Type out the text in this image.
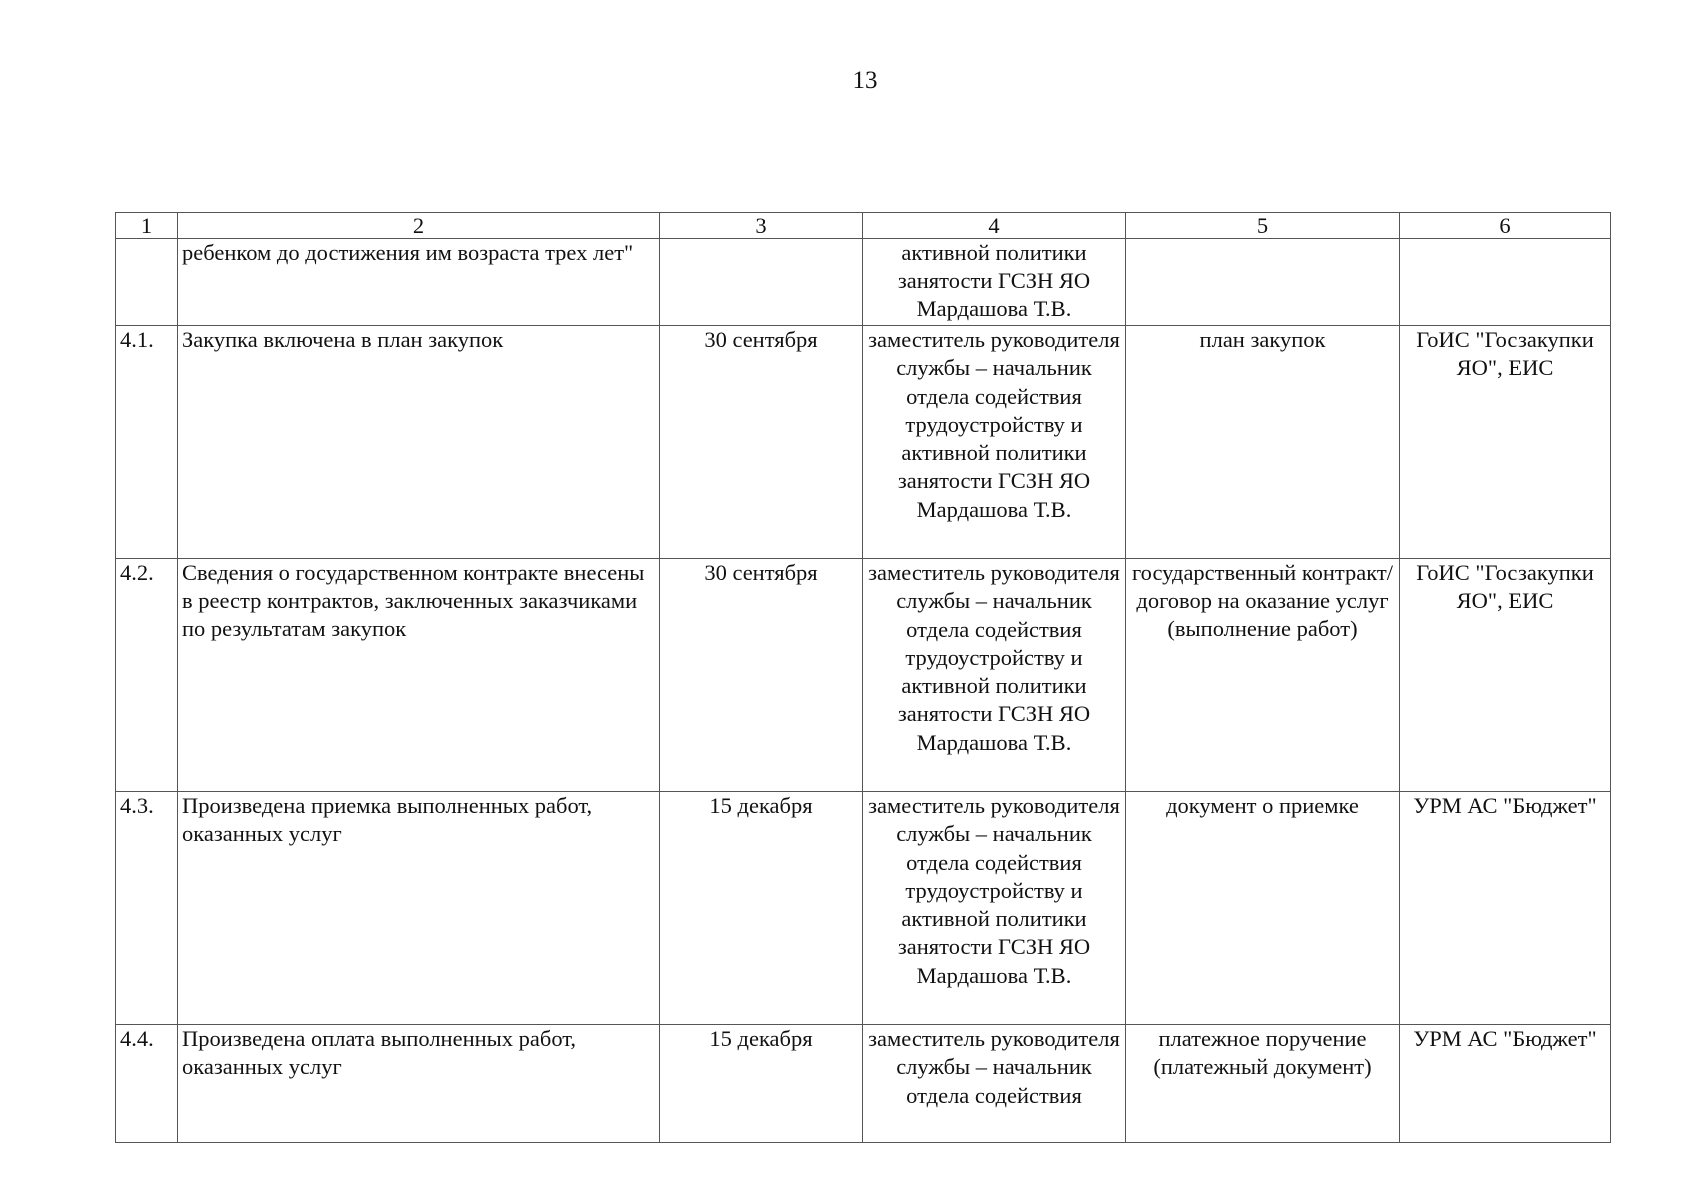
13
1	2	3	4	5	6
	ребенком до достижения им возраста трех лет"		активной политики занятости ГСЗН ЯО Мардашова Т.В.		
4.1.	Закупка включена в план закупок	30 сентября	заместитель руководителя службы – начальник отдела содействия трудоустройству и активной политики занятости ГСЗН ЯО Мардашова Т.В.	план закупок	ГоИС "Госзакупки ЯО", ЕИС
4.2.	Сведения о государственном контракте внесены в реестр контрактов, заключенных заказчиками по результатам закупок	30 сентября	заместитель руководителя службы – начальник отдела содействия трудоустройству и активной политики занятости ГСЗН ЯО Мардашова Т.В.	государственный контракт/ договор на оказание услуг (выполнение работ)	ГоИС "Госзакупки ЯО", ЕИС
4.3.	Произведена приемка выполненных работ, оказанных услуг	15 декабря	заместитель руководителя службы – начальник отдела содействия трудоустройству и активной политики занятости ГСЗН ЯО Мардашова Т.В.	документ о приемке	УРМ АС "Бюджет"
4.4.	Произведена оплата выполненных работ, оказанных услуг	15 декабря	заместитель руководителя службы – начальник отдела содействия	платежное поручение (платежный документ)	УРМ АС "Бюджет"
